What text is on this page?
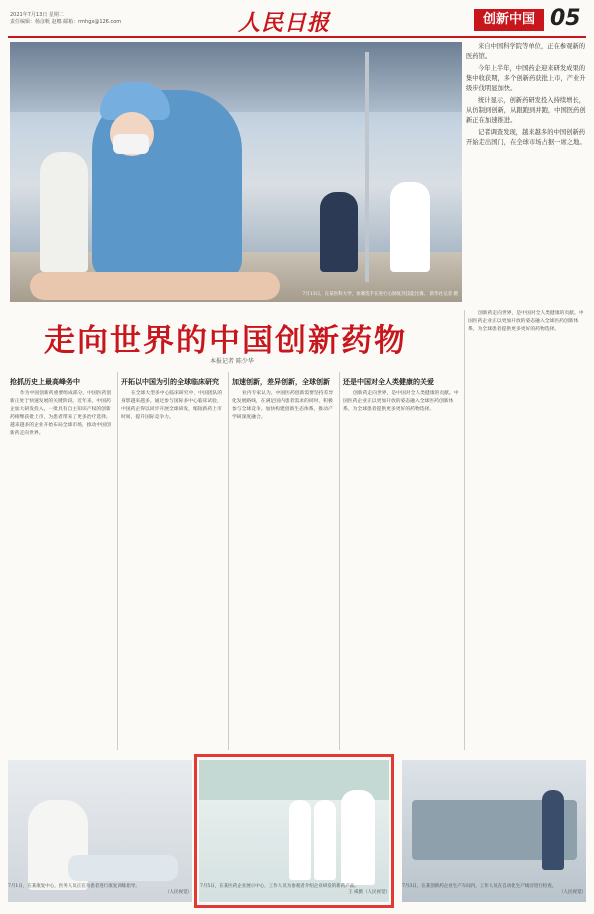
2021年7月13日 星期二
责任编辑：杨彦帆 赵娜 邮箱：rmhgx@126.com	人民日报	创新中国 05
7月13日，在某医科大学，参赛选手在进行心肺复苏技能比赛。 新华社记者 摄

来自中国科学院等单位，正在参观新的医药馆。

今年上半年，中国药企迎来研发成果的集中收获期，多个创新药获批上市，产业升级步伐明显加快。

统计显示，创新药研发投入持续增长，从仿制到创新，从跟跑到并跑，中国医药创新正在加速推进。

记者调查发现，越来越多的中国创新药开始走出国门，在全球市场占据一席之地。

走向世界的中国创新药物
本报记者 陈少华
抢抓历史上最高峰务中

作为中国创新药重要组成部分，中国医药创新正处于快速发展的关键阶段。近年来，中国药企加大研发投入，一批具有自主知识产权的创新药相继获批上市，为患者带来了更多治疗选择。越来越多的企业开始布局全球市场，推动中国创新药走向世界。

开拓以中国为引的全球临床研究

在全球大型多中心临床研究中，中国团队的身影越来越多。通过参与国际多中心临床试验，中国药企得以同步开展全球研发，缩短新药上市时间，提升国际竞争力。

加速创新，差异创新，全球创新

业内专家认为，中国医药创新需要坚持差异化发展路线，在满足国内患者需求的同时，积极参与全球竞争。加快构建创新生态体系，推动产学研深度融合。

还是中国对全人类健康的关爱

创新药走向世界，是中国对全人类健康的贡献。中国医药企业正以更加开放的姿态融入全球医药创新体系，为全球患者提供更多更好的药物选择。

创新药走向世界，是中国对全人类健康的贡献。中国医药企业正以更加开放的姿态融入全球医药创新体系，为全球患者提供更多更好的药物选择。

7月1日，在某康复中心，医务人员正在为患者进行康复训练指导。
（人民视觉）
7月5日，在某医药企业展示中心，工作人员为参观者介绍企业研发的新药产品。
王 威摄（人民视觉）
7月3日，在某创新药企业生产车间内，工作人员在自动化生产线旁进行检查。
（人民视觉）
